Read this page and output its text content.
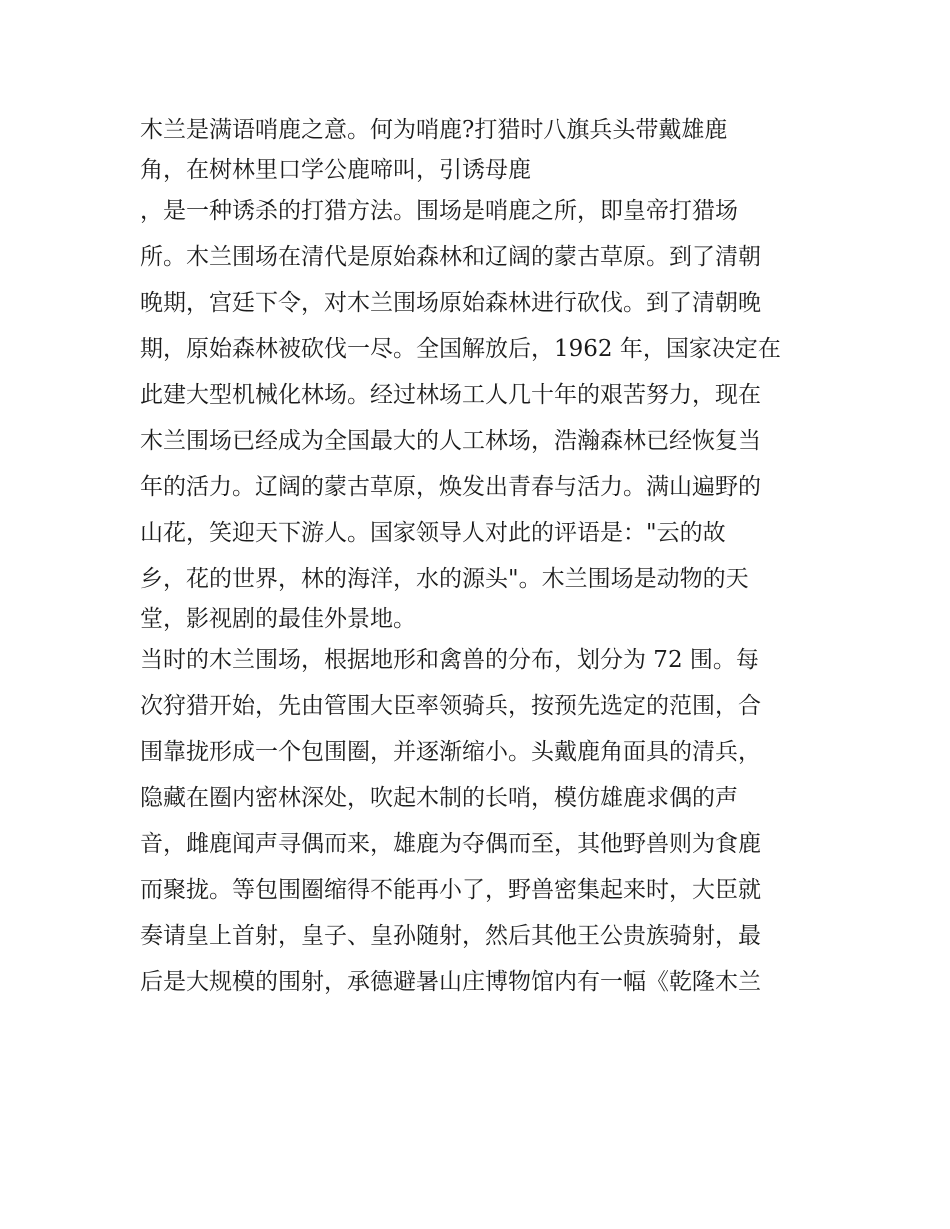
木兰是满语哨鹿之意。何为哨鹿?打猎时八旗兵头带戴雄鹿
角，在树林里口学公鹿啼叫，引诱母鹿
，是一种诱杀的打猎方法。围场是哨鹿之所，即皇帝打猎场
所。木兰围场在清代是原始森林和辽阔的蒙古草原。到了清朝
晚期，宫廷下令，对木兰围场原始森林进行砍伐。到了清朝晚
期，原始森林被砍伐一尽。全国解放后，1962 年，国家决定在
此建大型机械化林场。经过林场工人几十年的艰苦努力，现在
木兰围场已经成为全国最大的人工林场，浩瀚森林已经恢复当
年的活力。辽阔的蒙古草原，焕发出青春与活力。满山遍野的
山花，笑迎天下游人。国家领导人对此的评语是："云的故
乡，花的世界，林的海洋，水的源头"。木兰围场是动物的天
堂，影视剧的最佳外景地。
当时的木兰围场，根据地形和禽兽的分布，划分为 72 围。每
次狩猎开始，先由管围大臣率领骑兵，按预先选定的范围，合
围靠拢形成一个包围圈，并逐渐缩小。头戴鹿角面具的清兵，
隐藏在圈内密林深处，吹起木制的长哨，模仿雄鹿求偶的声
音，雌鹿闻声寻偶而来，雄鹿为夺偶而至，其他野兽则为食鹿
而聚拢。等包围圈缩得不能再小了，野兽密集起来时，大臣就
奏请皇上首射，皇子、皇孙随射，然后其他王公贵族骑射，最
后是大规模的围射，承德避暑山庄博物馆内有一幅《乾隆木兰
